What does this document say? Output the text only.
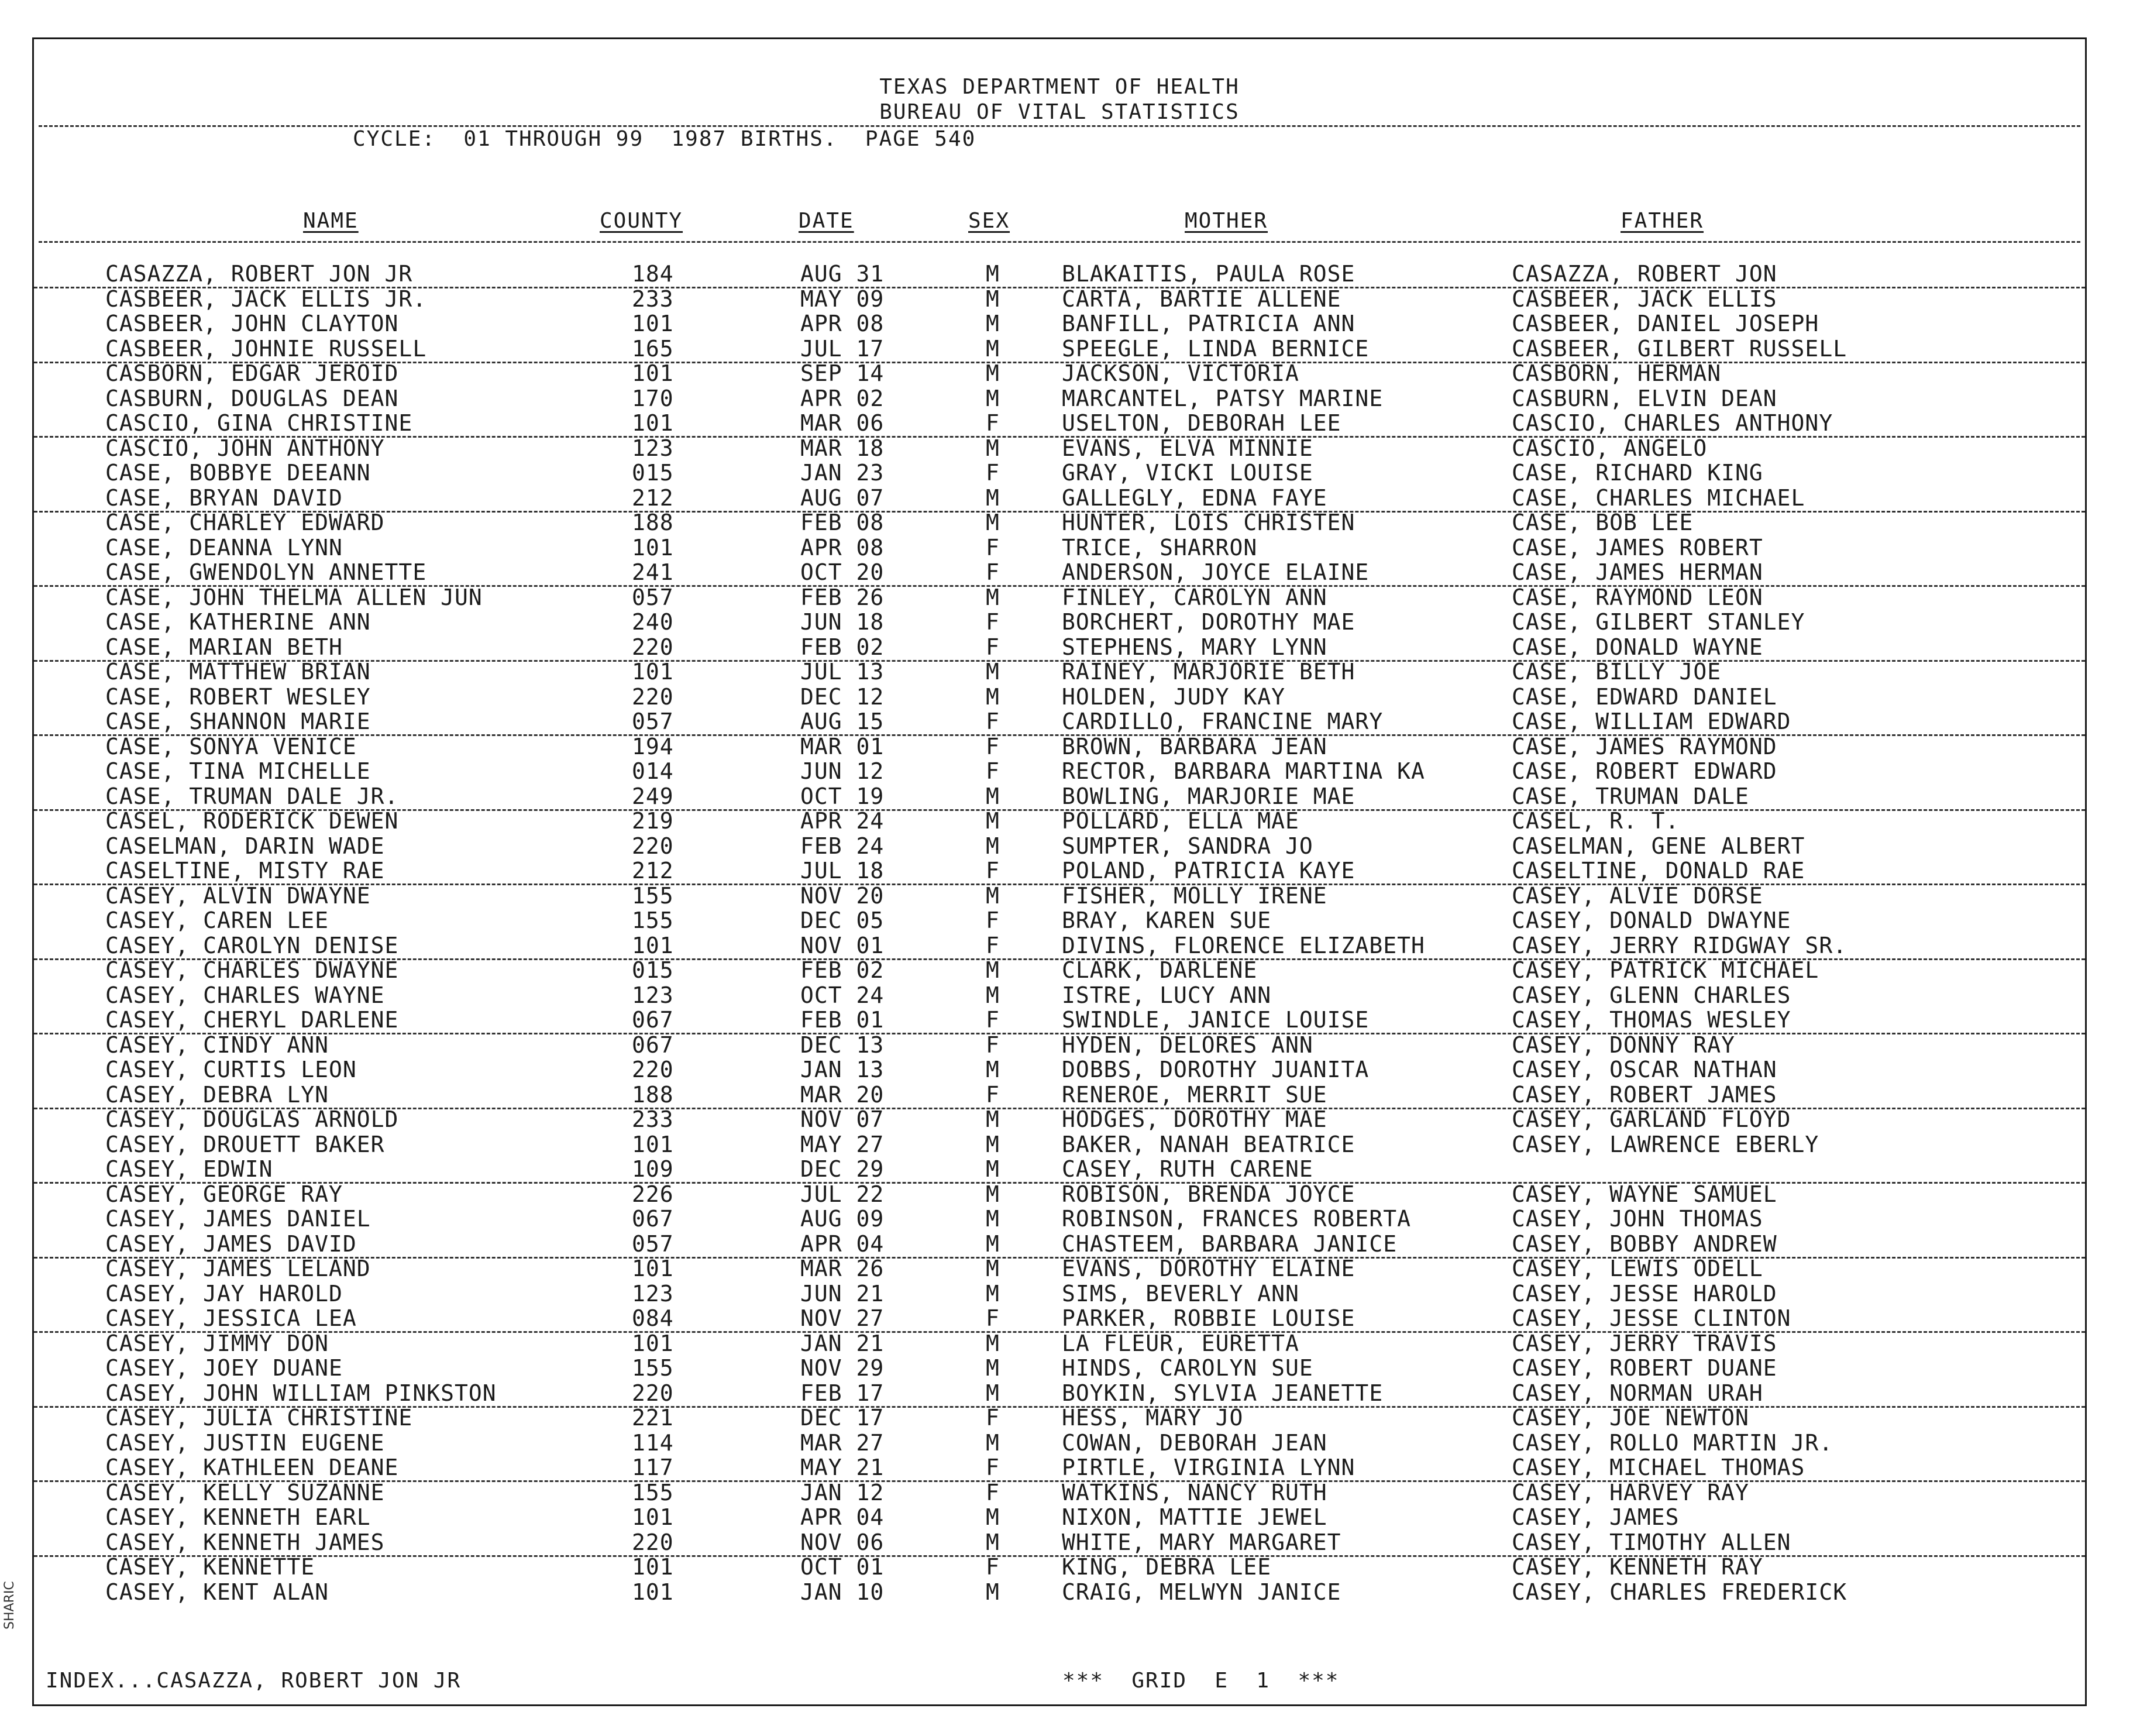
TEXAS DEPARTMENT OF HEALTH
BUREAU OF VITAL STATISTICS
CYCLE:  01 THROUGH 99  1987 BIRTHS.  PAGE 540
NAME	COUNTY	DATE	SEX	MOTHER	FATHER
CASAZZA, ROBERT JON JR	184	AUG 31	M	BLAKAITIS, PAULA ROSE	CASAZZA, ROBERT JON
CASBEER, JACK ELLIS JR.	233	MAY 09	M	CARTA, BARTIE ALLENE	CASBEER, JACK ELLIS
CASBEER, JOHN CLAYTON	101	APR 08	M	BANFILL, PATRICIA ANN	CASBEER, DANIEL JOSEPH
CASBEER, JOHNIE RUSSELL	165	JUL 17	M	SPEEGLE, LINDA BERNICE	CASBEER, GILBERT RUSSELL
CASBORN, EDGAR JEROID	101	SEP 14	M	JACKSON, VICTORIA	CASBORN, HERMAN
CASBURN, DOUGLAS DEAN	170	APR 02	M	MARCANTEL, PATSY MARINE	CASBURN, ELVIN DEAN
CASCIO, GINA CHRISTINE	101	MAR 06	F	USELTON, DEBORAH LEE	CASCIO, CHARLES ANTHONY
CASCIO, JOHN ANTHONY	123	MAR 18	M	EVANS, ELVA MINNIE	CASCIO, ANGELO
CASE, BOBBYE DEEANN	015	JAN 23	F	GRAY, VICKI LOUISE	CASE, RICHARD KING
CASE, BRYAN DAVID	212	AUG 07	M	GALLEGLY, EDNA FAYE	CASE, CHARLES MICHAEL
CASE, CHARLEY EDWARD	188	FEB 08	M	HUNTER, LOIS CHRISTEN	CASE, BOB LEE
CASE, DEANNA LYNN	101	APR 08	F	TRICE, SHARRON	CASE, JAMES ROBERT
CASE, GWENDOLYN ANNETTE	241	OCT 20	F	ANDERSON, JOYCE ELAINE	CASE, JAMES HERMAN
CASE, JOHN THELMA ALLEN JUN	057	FEB 26	M	FINLEY, CAROLYN ANN	CASE, RAYMOND LEON
CASE, KATHERINE ANN	240	JUN 18	F	BORCHERT, DOROTHY MAE	CASE, GILBERT STANLEY
CASE, MARIAN BETH	220	FEB 02	F	STEPHENS, MARY LYNN	CASE, DONALD WAYNE
CASE, MATTHEW BRIAN	101	JUL 13	M	RAINEY, MARJORIE BETH	CASE, BILLY JOE
CASE, ROBERT WESLEY	220	DEC 12	M	HOLDEN, JUDY KAY	CASE, EDWARD DANIEL
CASE, SHANNON MARIE	057	AUG 15	F	CARDILLO, FRANCINE MARY	CASE, WILLIAM EDWARD
CASE, SONYA VENICE	194	MAR 01	F	BROWN, BARBARA JEAN	CASE, JAMES RAYMOND
CASE, TINA MICHELLE	014	JUN 12	F	RECTOR, BARBARA MARTINA KA	CASE, ROBERT EDWARD
CASE, TRUMAN DALE JR.	249	OCT 19	M	BOWLING, MARJORIE MAE	CASE, TRUMAN DALE
CASEL, RODERICK DEWEN	219	APR 24	M	POLLARD, ELLA MAE	CASEL, R. T.
CASELMAN, DARIN WADE	220	FEB 24	M	SUMPTER, SANDRA JO	CASELMAN, GENE ALBERT
CASELTINE, MISTY RAE	212	JUL 18	F	POLAND, PATRICIA KAYE	CASELTINE, DONALD RAE
CASEY, ALVIN DWAYNE	155	NOV 20	M	FISHER, MOLLY IRENE	CASEY, ALVIE DORSE
CASEY, CAREN LEE	155	DEC 05	F	BRAY, KAREN SUE	CASEY, DONALD DWAYNE
CASEY, CAROLYN DENISE	101	NOV 01	F	DIVINS, FLORENCE ELIZABETH	CASEY, JERRY RIDGWAY SR.
CASEY, CHARLES DWAYNE	015	FEB 02	M	CLARK, DARLENE	CASEY, PATRICK MICHAEL
CASEY, CHARLES WAYNE	123	OCT 24	M	ISTRE, LUCY ANN	CASEY, GLENN CHARLES
CASEY, CHERYL DARLENE	067	FEB 01	F	SWINDLE, JANICE LOUISE	CASEY, THOMAS WESLEY
CASEY, CINDY ANN	067	DEC 13	F	HYDEN, DELORES ANN	CASEY, DONNY RAY
CASEY, CURTIS LEON	220	JAN 13	M	DOBBS, DOROTHY JUANITA	CASEY, OSCAR NATHAN
CASEY, DEBRA LYN	188	MAR 20	F	RENEROE, MERRIT SUE	CASEY, ROBERT JAMES
CASEY, DOUGLAS ARNOLD	233	NOV 07	M	HODGES, DOROTHY MAE	CASEY, GARLAND FLOYD
CASEY, DROUETT BAKER	101	MAY 27	M	BAKER, NANAH BEATRICE	CASEY, LAWRENCE EBERLY
CASEY, EDWIN	109	DEC 29	M	CASEY, RUTH CARENE
CASEY, GEORGE RAY	226	JUL 22	M	ROBISON, BRENDA JOYCE	CASEY, WAYNE SAMUEL
CASEY, JAMES DANIEL	067	AUG 09	M	ROBINSON, FRANCES ROBERTA	CASEY, JOHN THOMAS
CASEY, JAMES DAVID	057	APR 04	M	CHASTEEM, BARBARA JANICE	CASEY, BOBBY ANDREW
CASEY, JAMES LELAND	101	MAR 26	M	EVANS, DOROTHY ELAINE	CASEY, LEWIS ODELL
CASEY, JAY HAROLD	123	JUN 21	M	SIMS, BEVERLY ANN	CASEY, JESSE HAROLD
CASEY, JESSICA LEA	084	NOV 27	F	PARKER, ROBBIE LOUISE	CASEY, JESSE CLINTON
CASEY, JIMMY DON	101	JAN 21	M	LA FLEUR, EURETTA	CASEY, JERRY TRAVIS
CASEY, JOEY DUANE	155	NOV 29	M	HINDS, CAROLYN SUE	CASEY, ROBERT DUANE
CASEY, JOHN WILLIAM PINKSTON	220	FEB 17	M	BOYKIN, SYLVIA JEANETTE	CASEY, NORMAN URAH
CASEY, JULIA CHRISTINE	221	DEC 17	F	HESS, MARY JO	CASEY, JOE NEWTON
CASEY, JUSTIN EUGENE	114	MAR 27	M	COWAN, DEBORAH JEAN	CASEY, ROLLO MARTIN JR.
CASEY, KATHLEEN DEANE	117	MAY 21	F	PIRTLE, VIRGINIA LYNN	CASEY, MICHAEL THOMAS
CASEY, KELLY SUZANNE	155	JAN 12	F	WATKINS, NANCY RUTH	CASEY, HARVEY RAY
CASEY, KENNETH EARL	101	APR 04	M	NIXON, MATTIE JEWEL	CASEY, JAMES
CASEY, KENNETH JAMES	220	NOV 06	M	WHITE, MARY MARGARET	CASEY, TIMOTHY ALLEN
CASEY, KENNETTE	101	OCT 01	F	KING, DEBRA LEE	CASEY, KENNETH RAY
CASEY, KENT ALAN	101	JAN 10	M	CRAIG, MELWYN JANICE	CASEY, CHARLES FREDERICK
INDEX...CASAZZA, ROBERT JON JR	***  GRID  E  1  ***
SHARIC
